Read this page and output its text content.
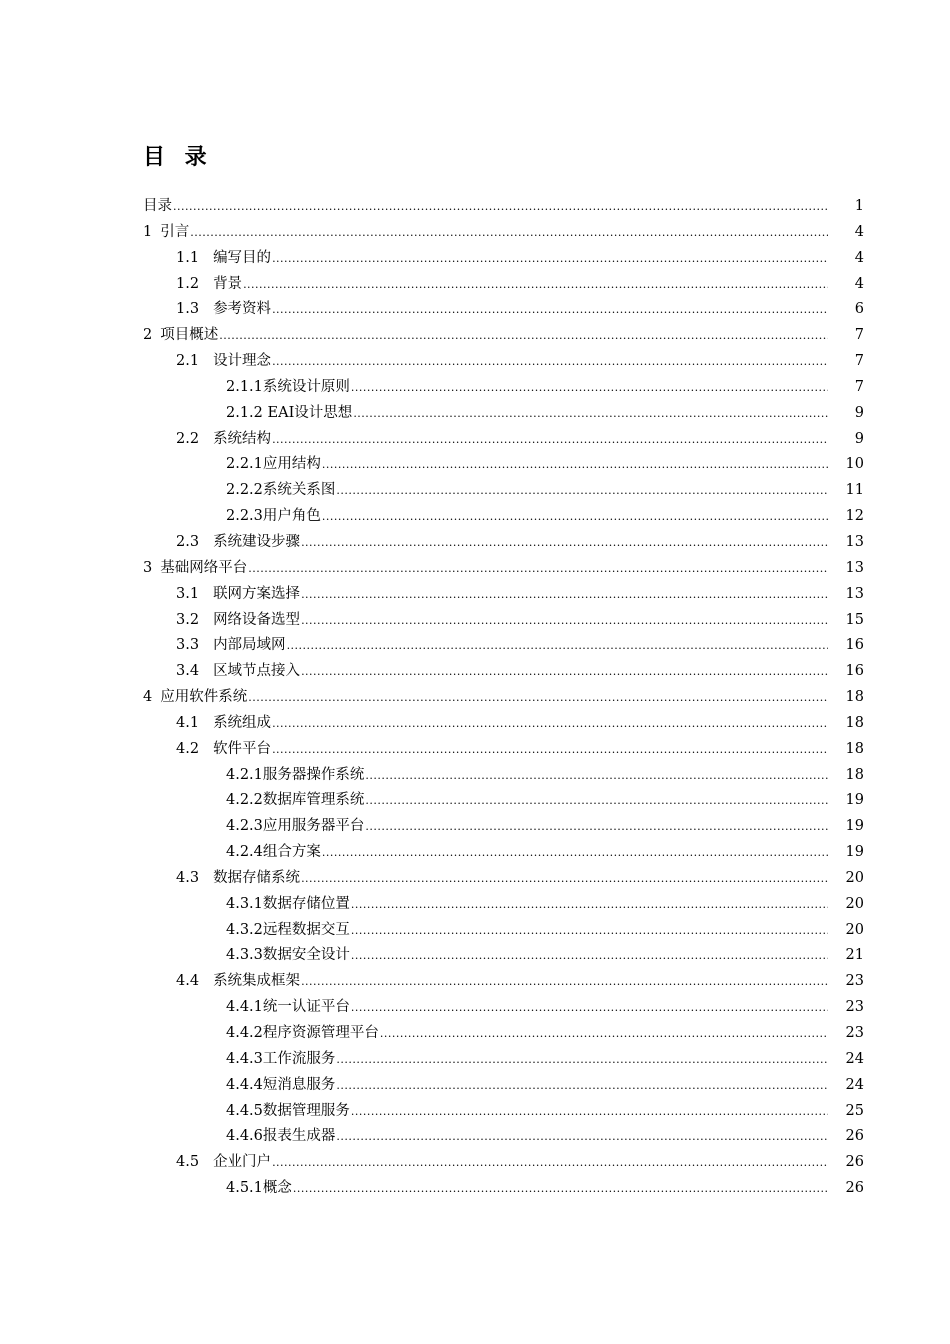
目 录
目录 .....	1
1 引言 .....	4
1.1 编写目的 .....	4
1.2 背景 .....	4
1.3 参考资料 .....	6
2 项目概述 .....	7
2.1 设计理念 .....	7
2.1.1 系统设计原则 .....	7
2.1.2 EAI设计思想 .....	9
2.2 系统结构 .....	9
2.2.1 应用结构 .....	10
2.2.2 系统关系图 .....	11
2.2.3 用户角色 .....	12
2.3 系统建设步骤 .....	13
3 基础网络平台 .....	13
3.1 联网方案选择 .....	13
3.2 网络设备选型 .....	15
3.3 内部局域网 .....	16
3.4 区域节点接入 .....	16
4 应用软件系统 .....	18
4.1 系统组成 .....	18
4.2 软件平台 .....	18
4.2.1 服务器操作系统 .....	18
4.2.2 数据库管理系统 .....	19
4.2.3 应用服务器平台 .....	19
4.2.4 组合方案 .....	19
4.3 数据存储系统 .....	20
4.3.1 数据存储位置 .....	20
4.3.2 远程数据交互 .....	20
4.3.3 数据安全设计 .....	21
4.4 系统集成框架 .....	23
4.4.1 统一认证平台 .....	23
4.4.2 程序资源管理平台 .....	23
4.4.3 工作流服务 .....	24
4.4.4 短消息服务 .....	24
4.4.5 数据管理服务 .....	25
4.4.6 报表生成器 .....	26
4.5 企业门户 .....	26
4.5.1 概念 .....	26
